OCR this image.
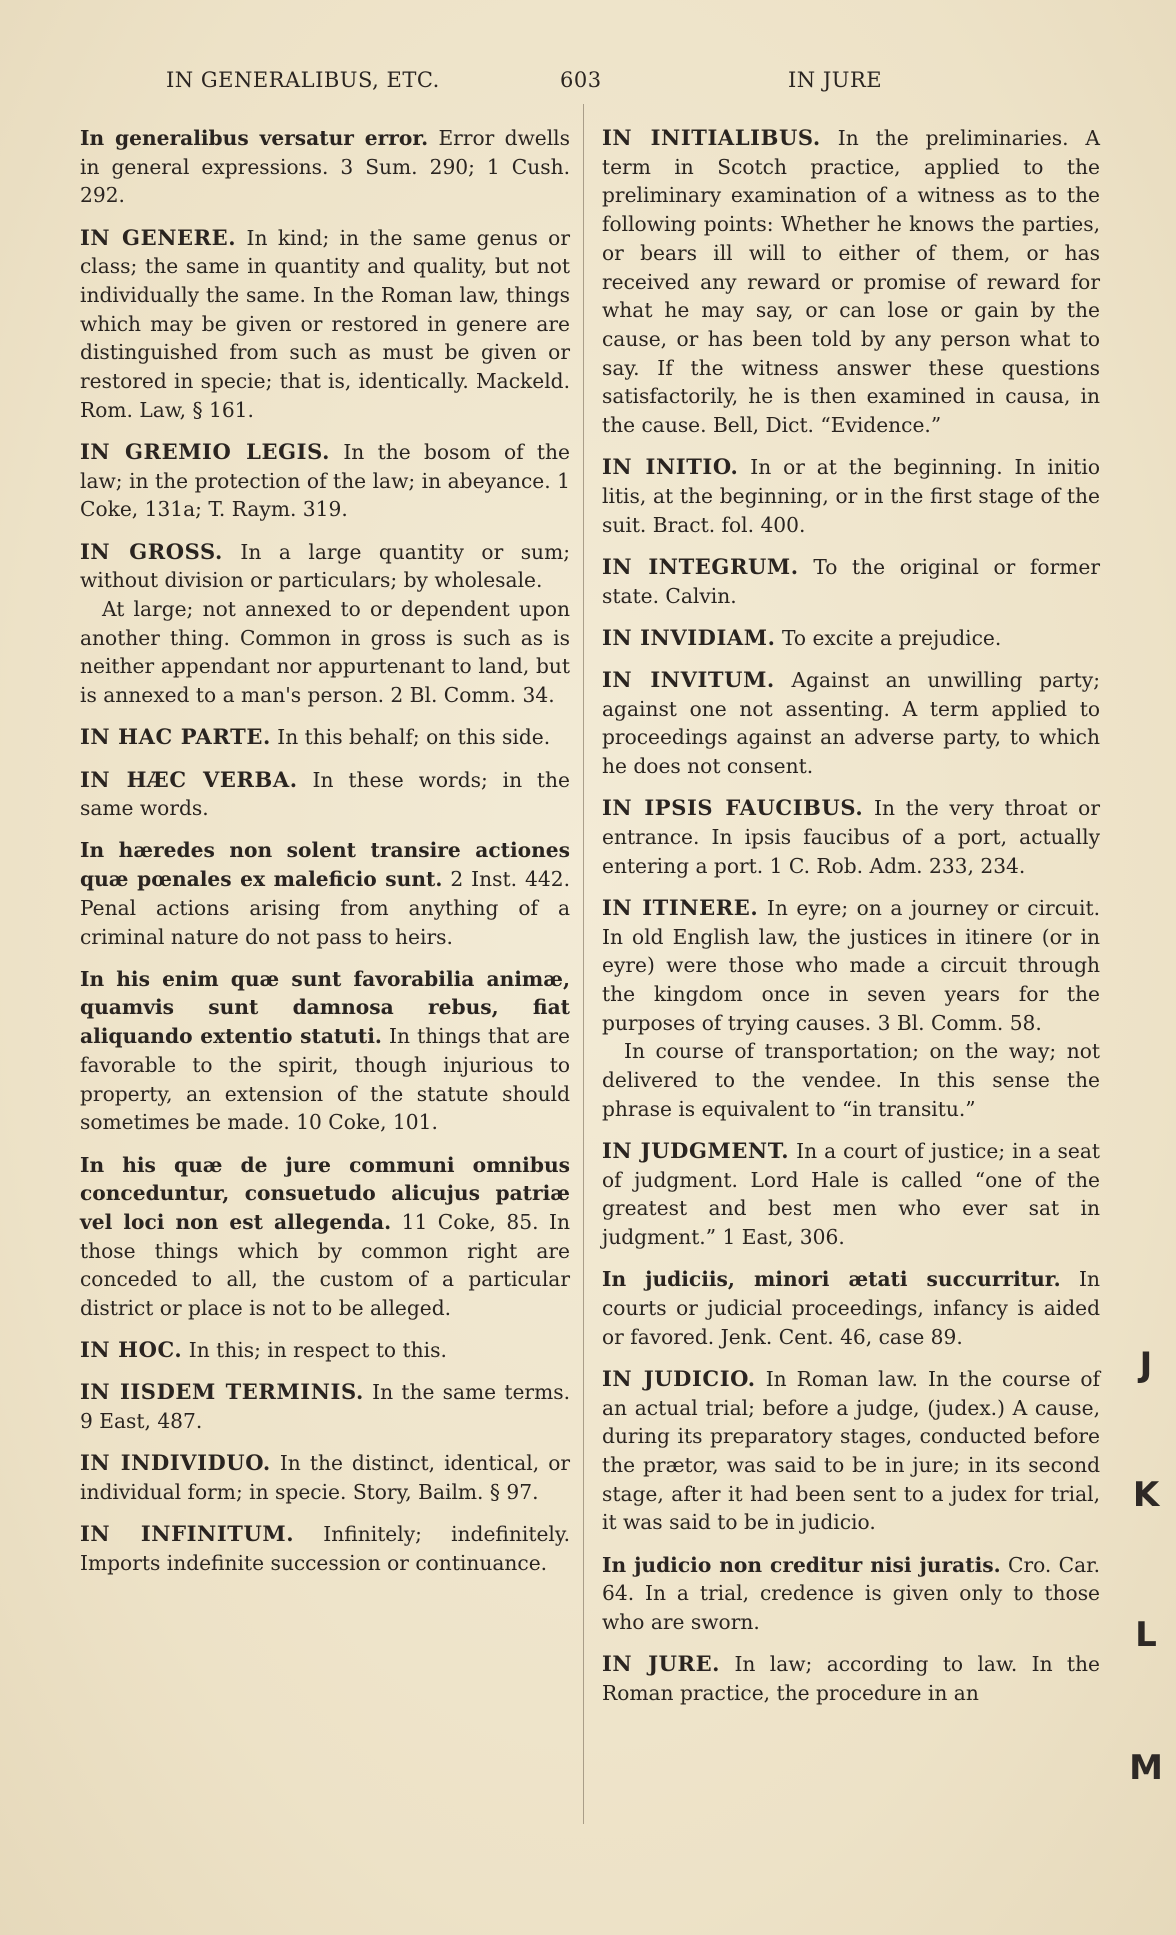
IN GENERALIBUS, ETC.	603	IN JURE

In generalibus versatur error. Error dwells in general expressions. 3 Sum. 290; 1 Cush. 292.

IN GENERE. In kind; in the same genus or class; the same in quantity and quality, but not individually the same. In the Roman law, things which may be given or restored in genere are distinguished from such as must be given or restored in specie; that is, identically. Mackeld. Rom. Law, § 161.

IN GREMIO LEGIS. In the bosom of the law; in the protection of the law; in abeyance. 1 Coke, 131a; T. Raym. 319.

IN GROSS. In a large quantity or sum; without division or particulars; by wholesale.

At large; not annexed to or dependent upon another thing. Common in gross is such as is neither appendant nor appurtenant to land, but is annexed to a man's person. 2 Bl. Comm. 34.

IN HAC PARTE. In this behalf; on this side.

IN HÆC VERBA. In these words; in the same words.

In hæredes non solent transire actiones quæ pœnales ex maleficio sunt. 2 Inst. 442. Penal actions arising from anything of a criminal nature do not pass to heirs.

In his enim quæ sunt favorabilia animæ, quamvis sunt damnosa rebus, fiat aliquando extentio statuti. In things that are favorable to the spirit, though injurious to property, an extension of the statute should sometimes be made. 10 Coke, 101.

In his quæ de jure communi omnibus conceduntur, consuetudo alicujus patriæ vel loci non est allegenda. 11 Coke, 85. In those things which by common right are conceded to all, the custom of a particular district or place is not to be alleged.

IN HOC. In this; in respect to this.

IN IISDEM TERMINIS. In the same terms. 9 East, 487.

IN INDIVIDUO. In the distinct, identical, or individual form; in specie. Story, Bailm. § 97.

IN INFINITUM. Infinitely; indefinitely. Imports indefinite succession or continuance.

IN INITIALIBUS. In the preliminaries. A term in Scotch practice, applied to the preliminary examination of a witness as to the following points: Whether he knows the parties, or bears ill will to either of them, or has received any reward or promise of reward for what he may say, or can lose or gain by the cause, or has been told by any person what to say. If the witness answer these questions satisfactorily, he is then examined in causa, in the cause. Bell, Dict. “Evidence.”

IN INITIO. In or at the beginning. In initio litis, at the beginning, or in the first stage of the suit. Bract. fol. 400.

IN INTEGRUM. To the original or former state. Calvin.

IN INVIDIAM. To excite a prejudice.

IN INVITUM. Against an unwilling party; against one not assenting. A term applied to proceedings against an adverse party, to which he does not consent.

IN IPSIS FAUCIBUS. In the very throat or entrance. In ipsis faucibus of a port, actually entering a port. 1 C. Rob. Adm. 233, 234.

IN ITINERE. In eyre; on a journey or circuit. In old English law, the justices in itinere (or in eyre) were those who made a circuit through the kingdom once in seven years for the purposes of trying causes. 3 Bl. Comm. 58.

In course of transportation; on the way; not delivered to the vendee. In this sense the phrase is equivalent to “in transitu.”

IN JUDGMENT. In a court of justice; in a seat of judgment. Lord Hale is called “one of the greatest and best men who ever sat in judgment.” 1 East, 306.

In judiciis, minori ætati succurritur. In courts or judicial proceedings, infancy is aided or favored. Jenk. Cent. 46, case 89.

IN JUDICIO. In Roman law. In the course of an actual trial; before a judge, (judex.) A cause, during its preparatory stages, conducted before the prætor, was said to be in jure; in its second stage, after it had been sent to a judex for trial, it was said to be in judicio.

In judicio non creditur nisi juratis. Cro. Car. 64. In a trial, credence is given only to those who are sworn.

IN JURE. In law; according to law. In the Roman practice, the procedure in an

J
K
L
M
